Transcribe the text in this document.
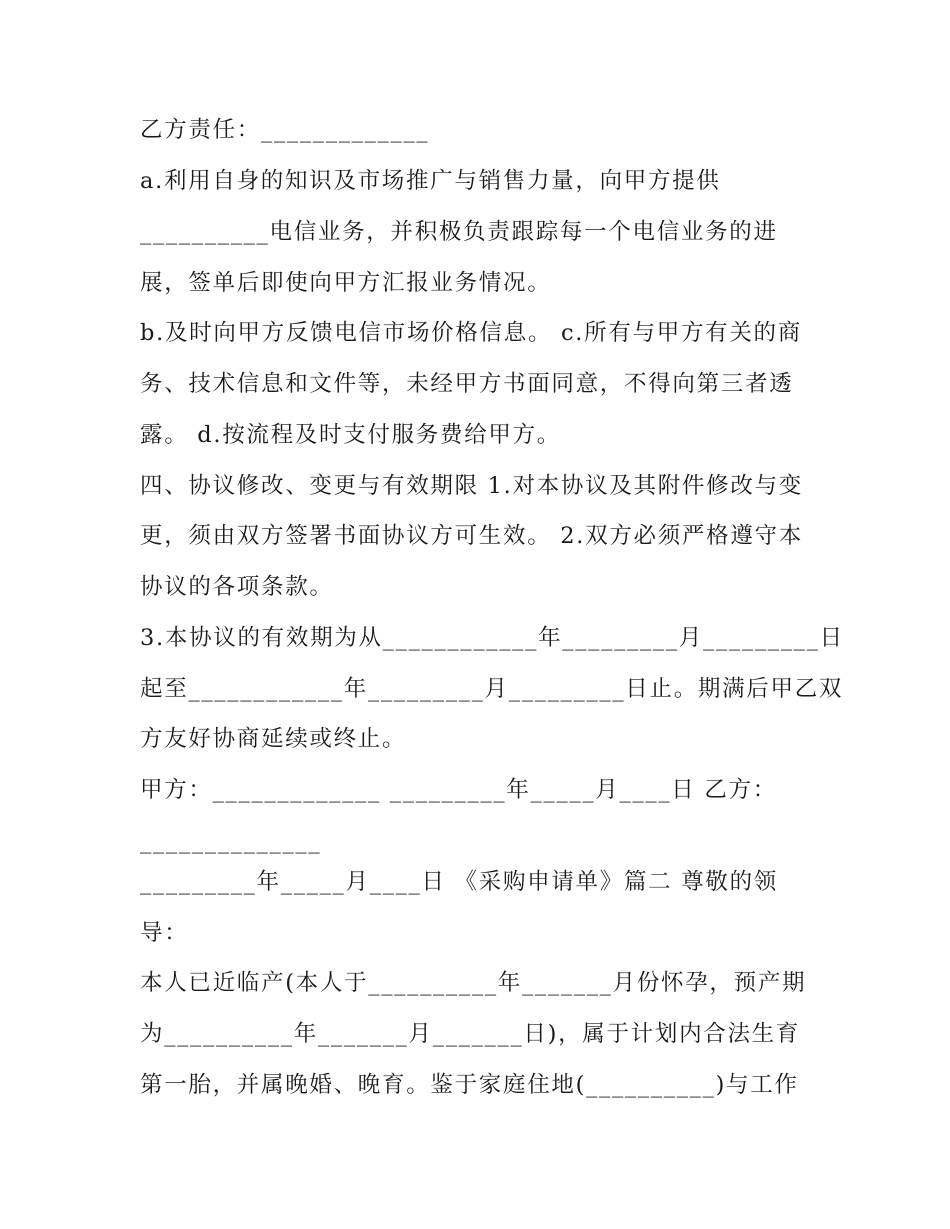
乙方责任：_____________
a.利用自身的知识及市场推广与销售力量，向甲方提供
__________电信业务，并积极负责跟踪每一个电信业务的进
展，签单后即使向甲方汇报业务情况。
b.及时向甲方反馈电信市场价格信息。 c.所有与甲方有关的商
务、技术信息和文件等，未经甲方书面同意，不得向第三者透
露。 d.按流程及时支付服务费给甲方。
四、协议修改、变更与有效期限 1.对本协议及其附件修改与变
更，须由双方签署书面协议方可生效。 2.双方必须严格遵守本
协议的各项条款。
3.本协议的有效期为从____________年_________月_________日
起至____________年_________月_________日止。期满后甲乙双
方友好协商延续或终止。
甲方：_____________ _________年_____月____日 乙方：
______________
_________年_____月____日 《采购申请单》篇二 尊敬的领
导：
本人已近临产(本人于__________年_______月份怀孕，预产期
为__________年_______月_______日)，属于计划内合法生育
第一胎，并属晚婚、晚育。鉴于家庭住地(__________)与工作
